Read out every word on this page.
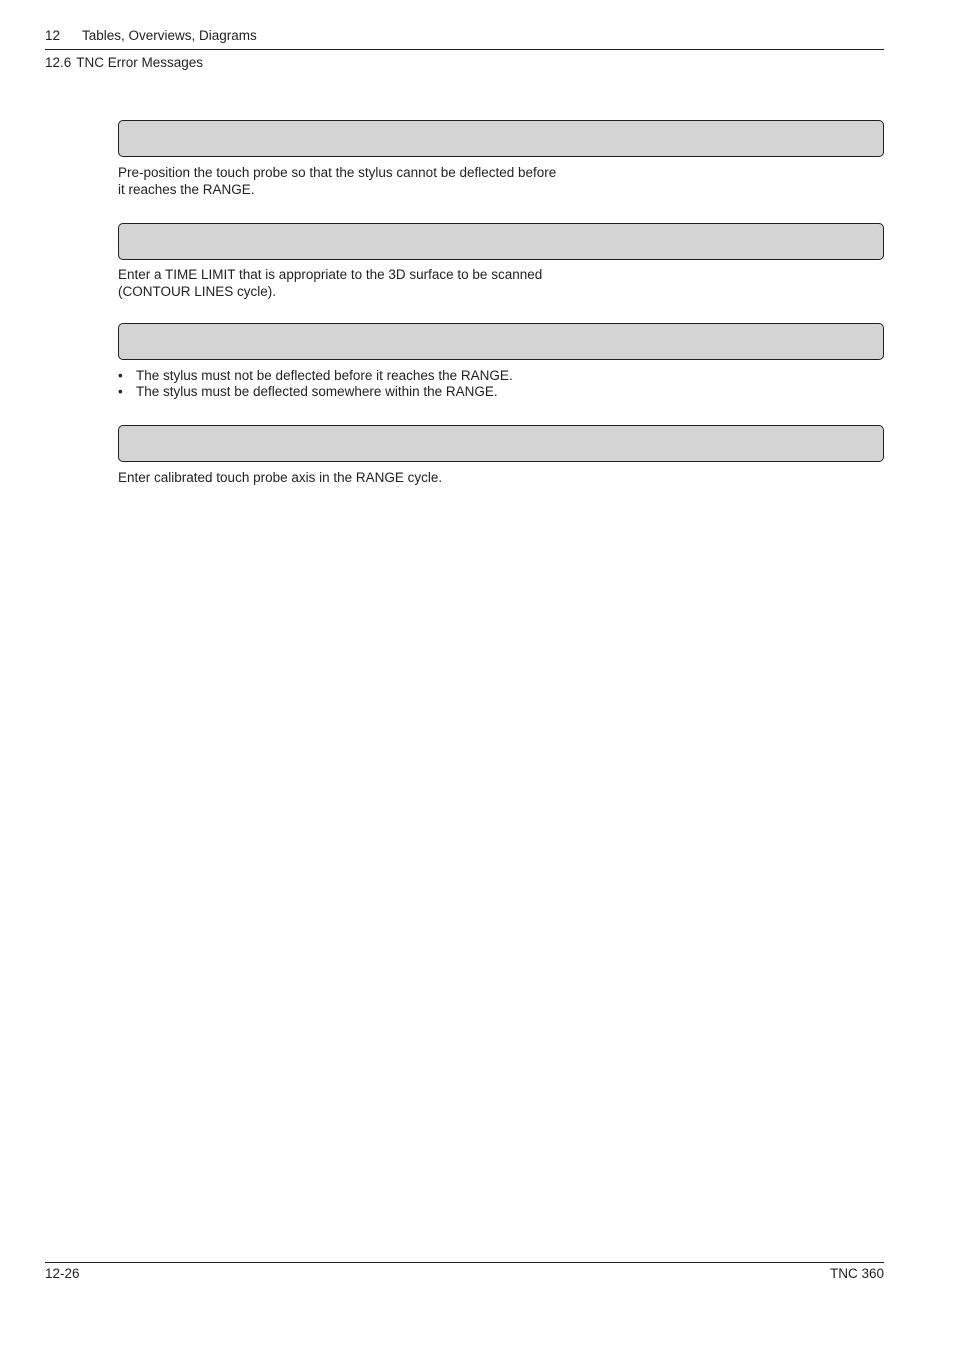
12 Tables, Overviews, Diagrams
12.6 TNC Error Messages

Pre-position the touch probe so that the stylus cannot be deflected before

it reaches the RANGE.

Enter a TIME LIMIT that is appropriate to the 3D surface to be scanned

(CONTOUR LINES cycle).

• The stylus must not be deflected before it reaches the RANGE.
• The stylus must be deflected somewhere within the RANGE.

Enter calibrated touch probe axis in the RANGE cycle.

12-26	TNC 360
